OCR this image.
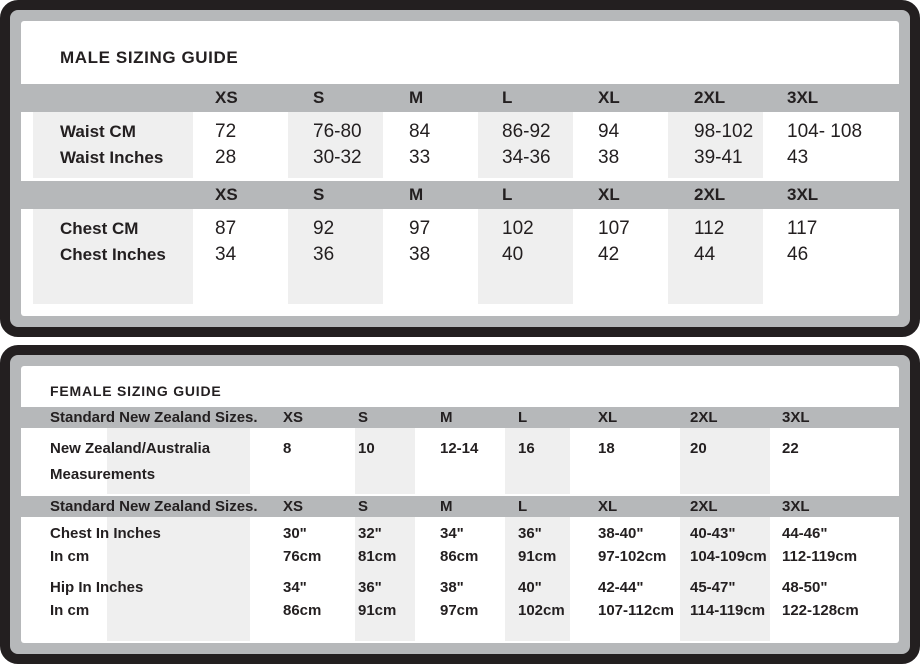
MALE SIZING GUIDE
XS	S	M	L	XL	2XL	3XL
Waist CM	72	76-80	84	86-92	94	98-102	104- 108
Waist Inches	28	30-32	33	34-36	38	39-41	43
XS	S	M	L	XL	2XL	3XL
Chest CM	87	92	97	102	107	112	117
Chest Inches	34	36	38	40	42	44	46
FEMALE SIZING GUIDE
Standard New Zealand Sizes.	XS	S	M	L	XL	2XL	3XL
New Zealand/Australia	8	10	12-14	16	18	20	22
Measurements
Standard New Zealand Sizes.	XS	S	M	L	XL	2XL	3XL
Chest In Inches	30"	32"	34"	36"	38-40"	40-43"	44-46"
In cm	76cm	81cm	86cm	91cm	97-102cm	104-109cm	112-119cm
Hip In Inches	34"	36"	38"	40"	42-44"	45-47"	48-50"
In cm	86cm	91cm	97cm	102cm	107-112cm	114-119cm	122-128cm
